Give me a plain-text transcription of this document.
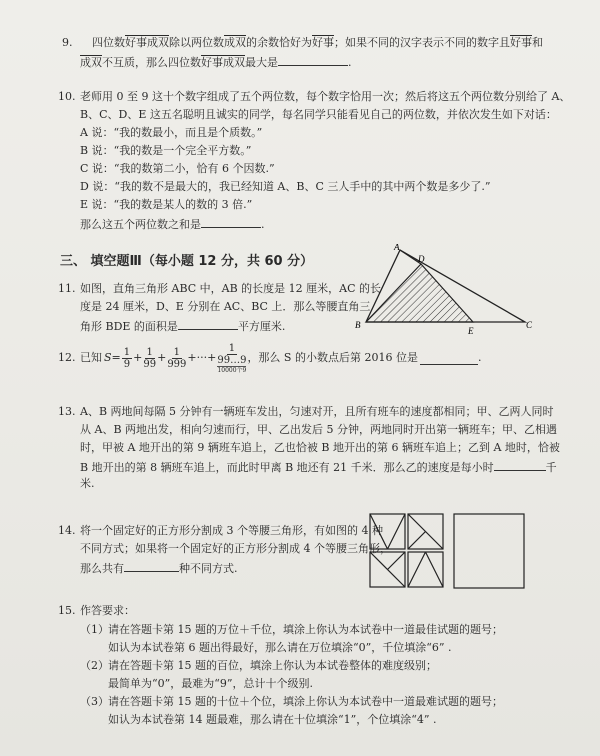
9. 四位数好事成双除以两位数成双的余数恰好为好事；如果不同的汉字表示不同的数字且好事和
成双不互质，那么四位数好事成双最大是	.
10. 老师用 0 至 9 这十个数字组成了五个两位数，每个数字恰用一次；然后将这五个两位数分别给了 A、
B、C、D、E 这五名聪明且诚实的同学，每名同学只能看见自己的两位数，并依次发生如下对话：
A 说：“我的数最小，而且是个质数。”
B 说：“我的数是一个完全平方数。”
C 说：“我的数第二小，恰有 6 个因数.”
D 说：“我的数不是最大的，我已经知道 A、B、C 三人手中的其中两个数是多少了.”
E 说：“我的数是某人的数的 3 倍.”
那么这五个两位数之和是	.
三、 填空题Ⅲ（每小题 12 分，共 60 分）
11. 如图，直角三角形 ABC 中，AB 的长度是 12 厘米，AC 的长
度是 24 厘米，D、E 分别在 AC、BC 上．那么等腰直角三
角形 BDE 的面积是	平方厘米.
A
D
B
E
C
12. 已知 $S = \frac{1}{9} + \frac{1}{99} + \frac{1}{999}$ + ··· +
1
99…9
10000个9
，那么 S 的小数点后第 2016 位是	.
13. A、B 两地间每隔 5 分钟有一辆班车发出，匀速对开，且所有班车的速度都相同；甲、乙两人同时
从 A、B 两地出发，相向匀速而行，甲、乙出发后 5 分钟，两地同时开出第一辆班车；甲、乙相遇
时，甲被 A 地开出的第 9 辆班车追上，乙也恰被 B 地开出的第 6 辆班车追上；乙到 A 地时，恰被
B 地开出的第 8 辆班车追上，而此时甲离 B 地还有 21 千米．那么乙的速度是每小时	千
米.
14. 将一个固定好的正方形分割成 3 个等腰三角形，有如图的 4 种
不同方式；如果将一个固定好的正方形分割成 4 个等腰三角形，
那么共有	种不同方式.
15. 作答要求：
（1） 请在答题卡第 15 题的万位＋千位，填涂上你认为本试卷中一道最佳试题的题号；
如认为本试卷第 6 题出得最好，那么请在万位填涂“0”，千位填涂“6” .
（2） 请在答题卡第 15 题的百位，填涂上你认为本试卷整体的难度级别；
最简单为“0”，最难为“9”，总计十个级别.
（3） 请在答题卡第 15 题的十位＋个位，填涂上你认为本试卷中一道最难试题的题号；
如认为本试卷第 14 题最难，那么请在十位填涂“1”，个位填涂“4” .
